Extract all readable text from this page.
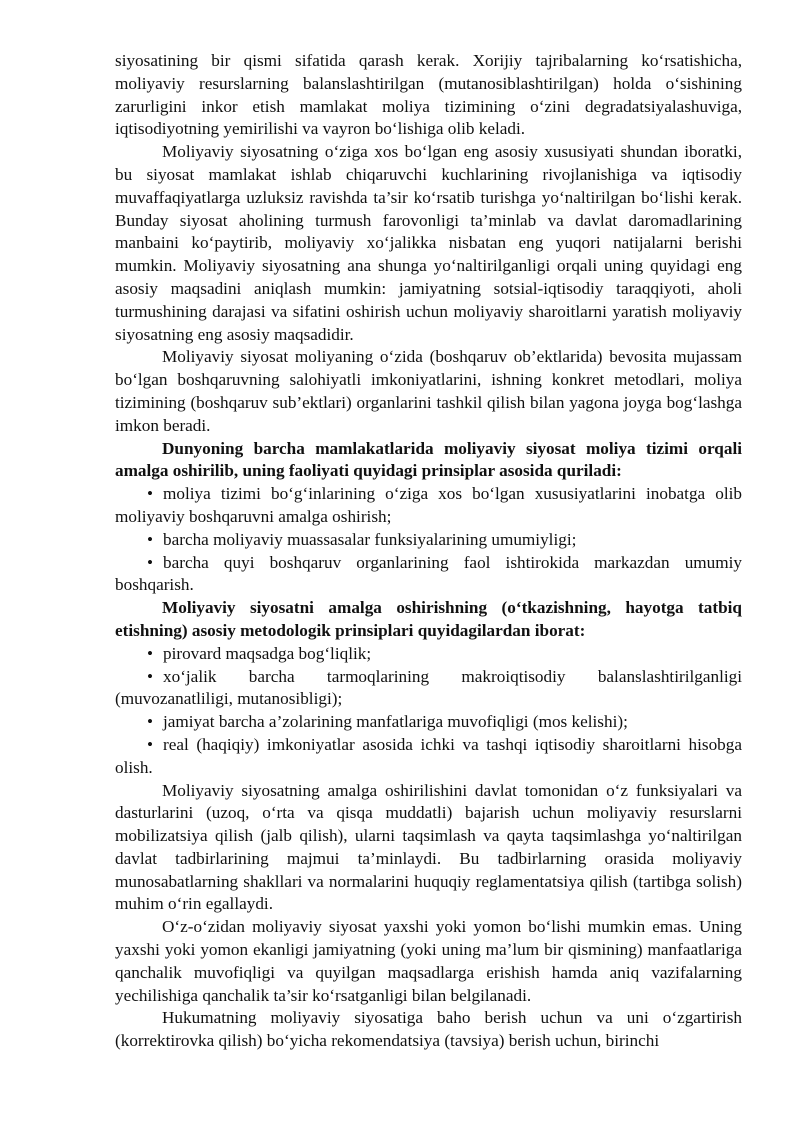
siyosatining bir qismi sifatida qarash kerak. Xorijiy tajribalarning ko‘rsatishicha, moliyaviy resurslarning balanslashtirilgan (mutanosiblashtirilgan) holda o‘sishining zarurligini inkor etish mamlakat moliya tizimining o‘zini degradatsiyalashuviga, iqtisodiyotning yemirilishi va vayron bo‘lishiga olib keladi.

Moliyaviy siyosatning o‘ziga xos bo‘lgan eng asosiy xususiyati shundan iboratki, bu siyosat mamlakat ishlab chiqaruvchi kuchlarining rivojlanishiga va iqtisodiy muvaffaqiyatlarga uzluksiz ravishda ta’sir ko‘rsatib turishga yo‘naltirilgan bo‘lishi kerak. Bunday siyosat aholining turmush farovonligi ta’minlab va davlat daromadlarining manbaini ko‘paytirib, moliyaviy xo‘jalikka nisbatan eng yuqori natijalarni berishi mumkin. Moliyaviy siyosatning ana shunga yo‘naltirilganligi orqali uning quyidagi eng asosiy maqsadini aniqlash mumkin: jamiyatning sotsial-iqtisodiy taraqqiyoti, aholi turmushining darajasi va sifatini oshirish uchun moliyaviy sharoitlarni yaratish moliyaviy siyosatning eng asosiy maqsadidir.

Moliyaviy siyosat moliyaning o‘zida (boshqaruv ob’ektlarida) bevosita mujassam bo‘lgan boshqaruvning salohiyatli imkoniyatlarini, ishning konkret metodlari, moliya tizimining (boshqaruv sub’ektlari) organlarini tashkil qilish bilan yagona joyga bog‘lashga imkon beradi.

Dunyoning barcha mamlakatlarida moliyaviy siyosat moliya tizimi orqali amalga oshirilib, uning faoliyati quyidagi prinsiplar asosida quriladi:

• moliya tizimi bo‘g‘inlarining o‘ziga xos bo‘lgan xususiyatlarini inobatga olib moliyaviy boshqaruvni amalga oshirish;

• barcha moliyaviy muassasalar funksiyalarining umumiyligi;

• barcha quyi boshqaruv organlarining faol ishtirokida markazdan umumiy boshqarish.

Moliyaviy siyosatni amalga oshirishning (o‘tkazishning, hayotga tatbiq etishning) asosiy metodologik prinsiplari quyidagilardan iborat:

• pirovard maqsadga bog‘liqlik;

• xo‘jalik barcha tarmoqlarining makroiqtisodiy balanslashtirilganligi (muvozanatliligi, mutanosibligi);

• jamiyat barcha a’zolarining manfatlariga muvofiqligi (mos kelishi);

• real (haqiqiy) imkoniyatlar asosida ichki va tashqi iqtisodiy sharoitlarni hisobga olish.

Moliyaviy siyosatning amalga oshirilishini davlat tomonidan o‘z funksiyalari va dasturlarini (uzoq, o‘rta va qisqa muddatli) bajarish uchun moliyaviy resurslarni mobilizatsiya qilish (jalb qilish), ularni taqsimlash va qayta taqsimlashga yo‘naltirilgan davlat tadbirlarining majmui ta’minlaydi. Bu tadbirlarning orasida moliyaviy munosabatlarning shakllari va normalarini huquqiy reglamentatsiya qilish (tartibga solish) muhim o‘rin egallaydi.

O‘z-o‘zidan moliyaviy siyosat yaxshi yoki yomon bo‘lishi mumkin emas. Uning yaxshi yoki yomon ekanligi jamiyatning (yoki uning ma’lum bir qismining) manfaatlariga qanchalik muvofiqligi va quyilgan maqsadlarga erishish hamda aniq vazifalarning yechilishiga qanchalik ta’sir ko‘rsatganligi bilan belgilanadi.

Hukumatning moliyaviy siyosatiga baho berish uchun va uni o‘zgartirish (korrektirovka qilish) bo‘yicha rekomendatsiya (tavsiya) berish uchun, birinchi
